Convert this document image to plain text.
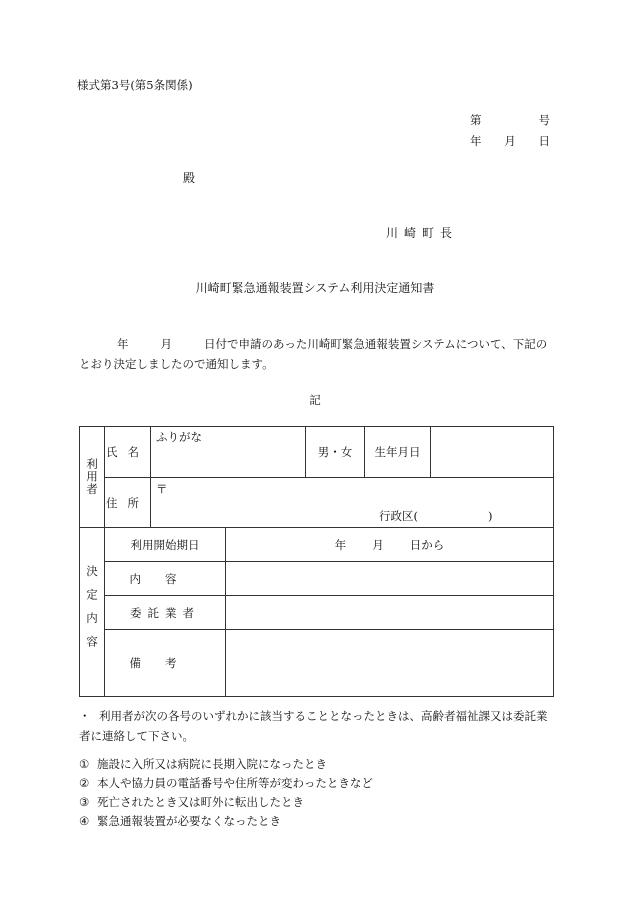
様式第3号(第5条関係)
第	号
年 月 日
殿
川崎町長
川崎町緊急通報装置システム利用決定通知書
年	月	日付で申請のあった川崎町緊急通報装置システムについて、下記のとおり決定しましたので通知します。
記
利用者	氏名	ふりがな		男・女	生年月日	
	住所	〒
行政区( )				

決定内容	利用開始期日		年 月 日から			
	内容					
	委託業者					
	備考					
・ 利用者が次の各号のいずれかに該当することとなったときは、高齢者福祉課又は委託業者に連絡して下さい。
① 施設に入所又は病院に長期入院になったとき
② 本人や協力員の電話番号や住所等が変わったときなど
③ 死亡されたとき又は町外に転出したとき
④ 緊急通報装置が必要なくなったとき
